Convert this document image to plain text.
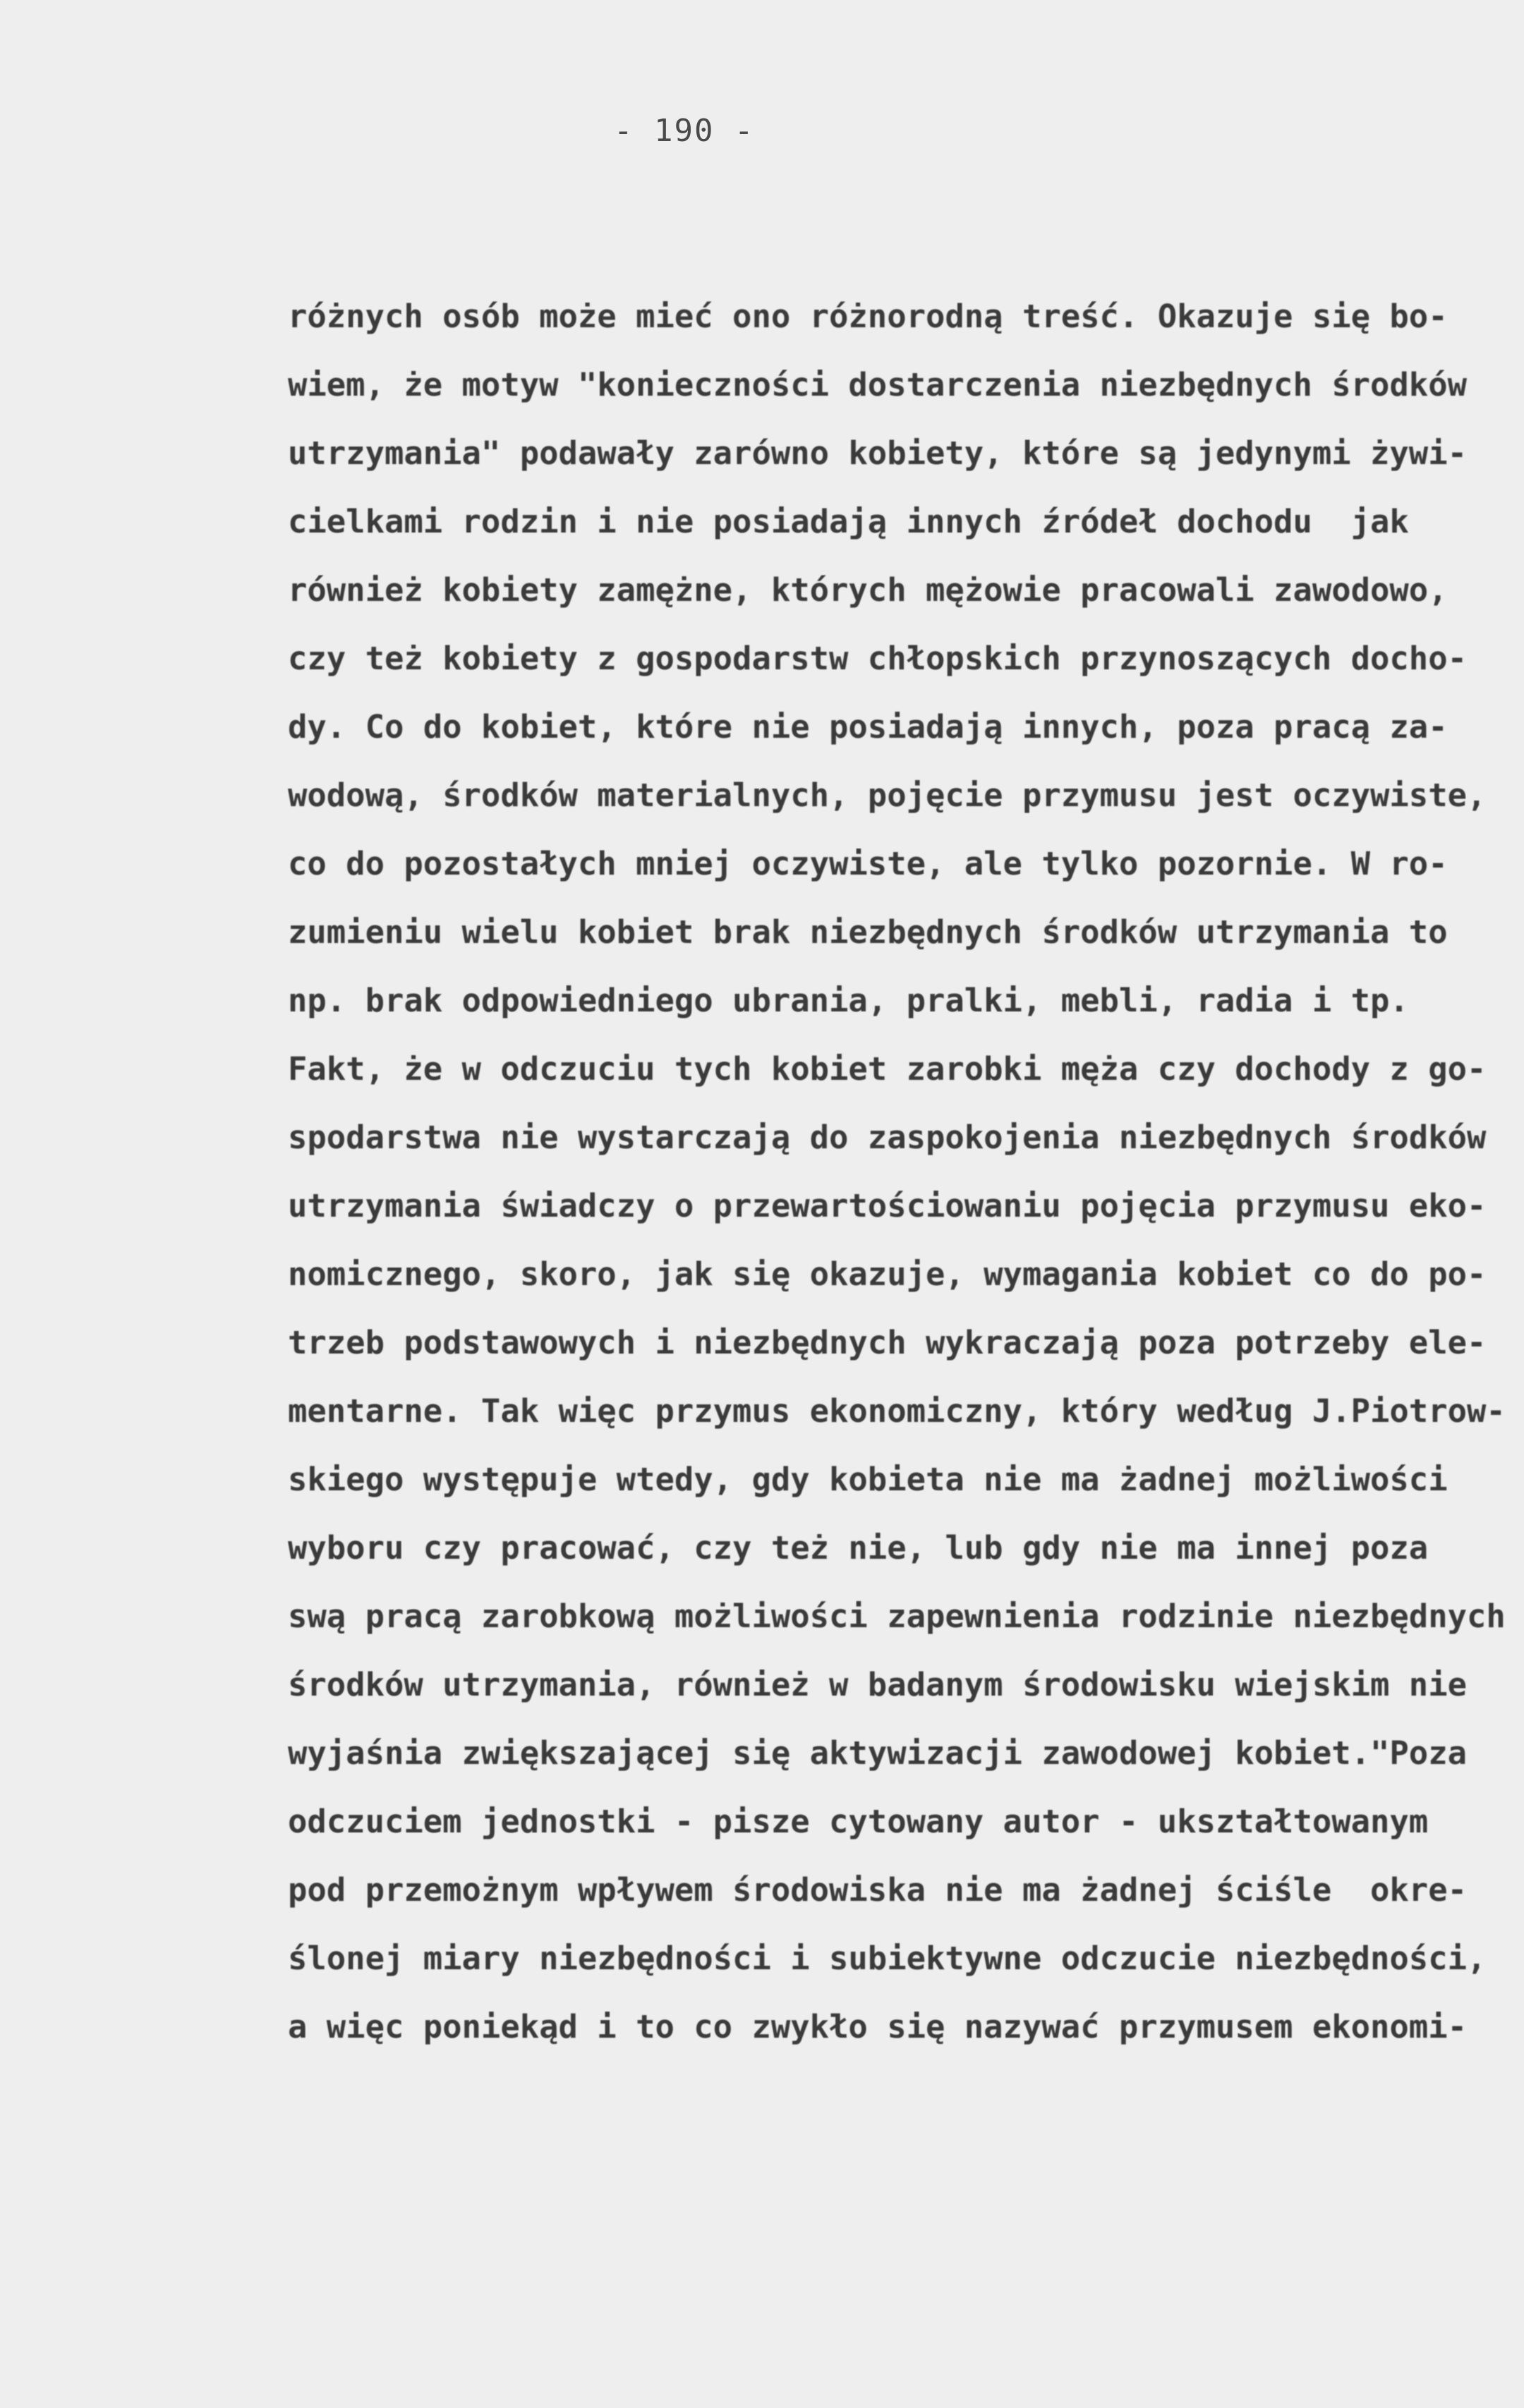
- 190 -
różnych osób może mieć ono różnorodną treść. Okazuje się bo-
wiem, że motyw "konieczności dostarczenia niezbędnych środków
utrzymania" podawały zarówno kobiety, które są jedynymi żywi-
cielkami rodzin i nie posiadają innych źródeł dochodu  jak
również kobiety zamężne, których mężowie pracowali zawodowo,
czy też kobiety z gospodarstw chłopskich przynoszących docho-
dy. Co do kobiet, które nie posiadają innych, poza pracą za-
wodową, środków materialnych, pojęcie przymusu jest oczywiste,
co do pozostałych mniej oczywiste, ale tylko pozornie. W ro-
zumieniu wielu kobiet brak niezbędnych środków utrzymania to
np. brak odpowiedniego ubrania, pralki, mebli, radia i tp.
Fakt, że w odczuciu tych kobiet zarobki męża czy dochody z go-
spodarstwa nie wystarczają do zaspokojenia niezbędnych środków
utrzymania świadczy o przewartościowaniu pojęcia przymusu eko-
nomicznego, skoro, jak się okazuje, wymagania kobiet co do po-
trzeb podstawowych i niezbędnych wykraczają poza potrzeby ele-
mentarne. Tak więc przymus ekonomiczny, który według J.Piotrow-
skiego występuje wtedy, gdy kobieta nie ma żadnej możliwości
wyboru czy pracować, czy też nie, lub gdy nie ma innej poza
swą pracą zarobkową możliwości zapewnienia rodzinie niezbędnych
środków utrzymania, również w badanym środowisku wiejskim nie
wyjaśnia zwiększającej się aktywizacji zawodowej kobiet."Poza
odczuciem jednostki - pisze cytowany autor - ukształtowanym
pod przemożnym wpływem środowiska nie ma żadnej ściśle  okre-
ślonej miary niezbędności i subiektywne odczucie niezbędności,
a więc poniekąd i to co zwykło się nazywać przymusem ekonomi-
